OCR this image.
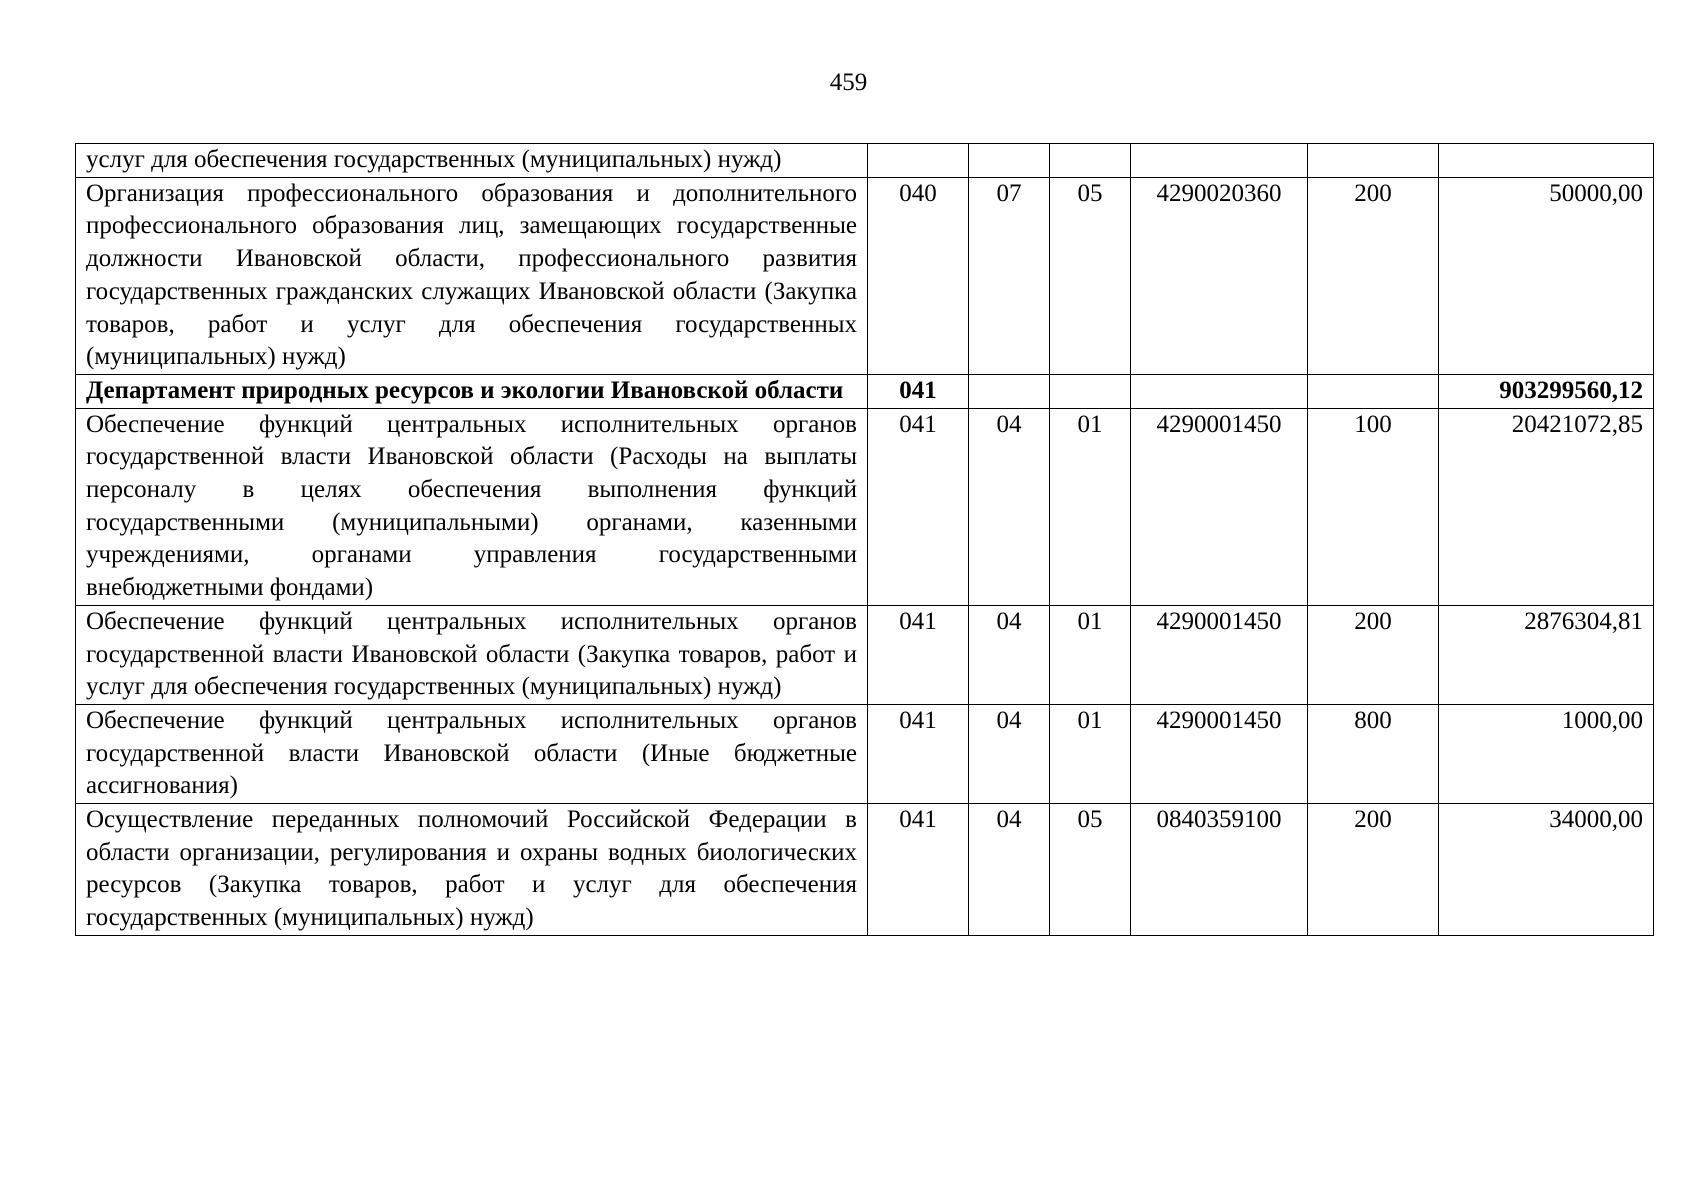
459
услуг для обеспечения государственных (муниципальных) нужд)						
Организация профессионального образования и дополнительного профессионального образования лиц, замещающих государственные должности Ивановской области, профессионального развития государственных гражданских служащих Ивановской области (Закупка товаров, работ и услуг для обеспечения государственных (муниципальных) нужд)	040	07	05	4290020360	200	50000,00
Департамент природных ресурсов и экологии Ивановской области	041					903299560,12
Обеспечение функций центральных исполнительных органов государственной власти Ивановской области (Расходы на выплаты персоналу в целях обеспечения выполнения функций государственными (муниципальными) органами, казенными учреждениями, органами управления государственными внебюджетными фондами)	041	04	01	4290001450	100	20421072,85
Обеспечение функций центральных исполнительных органов государственной власти Ивановской области (Закупка товаров, работ и услуг для обеспечения государственных (муниципальных) нужд)	041	04	01	4290001450	200	2876304,81
Обеспечение функций центральных исполнительных органов государственной власти Ивановской области (Иные бюджетные ассигнования)	041	04	01	4290001450	800	1000,00
Осуществление переданных полномочий Российской Федерации в области организации, регулирования и охраны водных биологических ресурсов (Закупка товаров, работ и услуг для обеспечения государственных (муниципальных) нужд)	041	04	05	0840359100	200	34000,00
